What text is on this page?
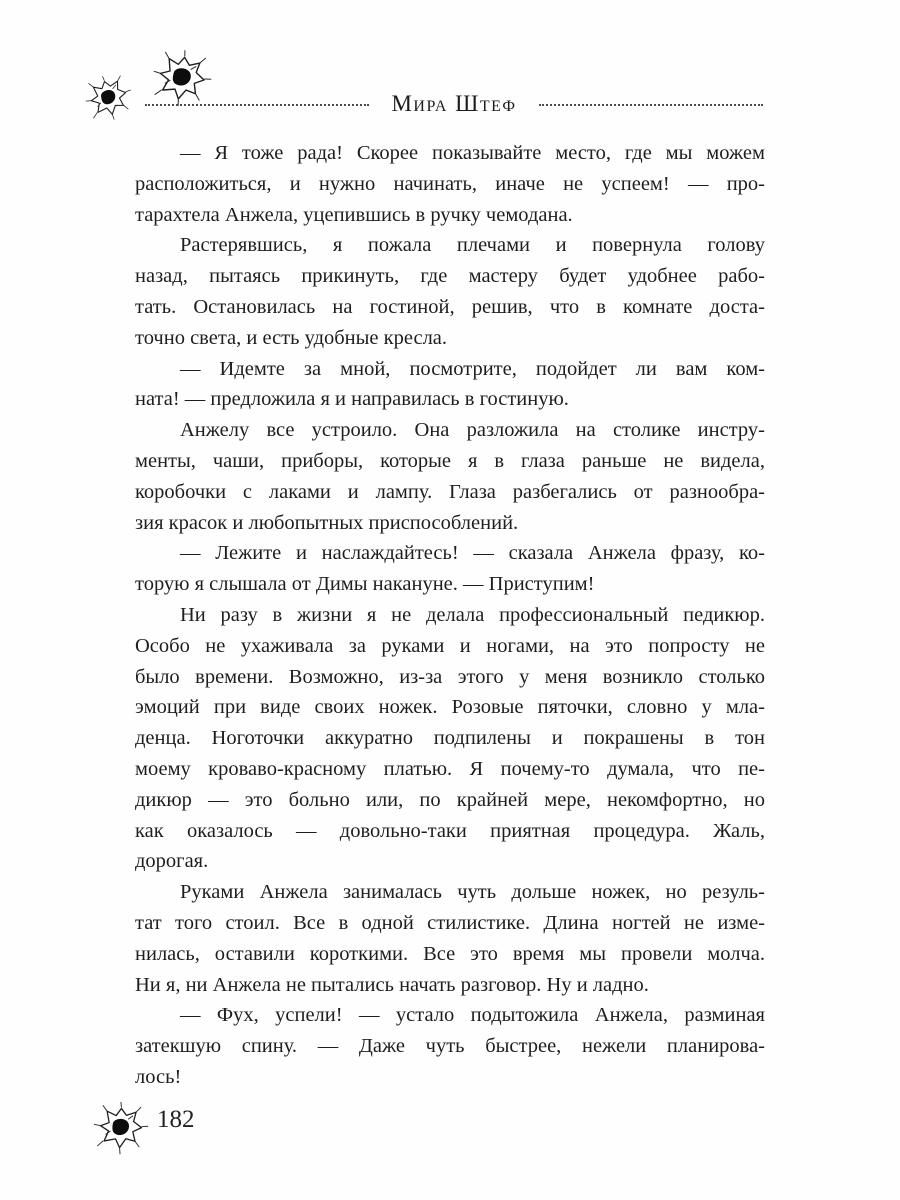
Мира Штеф
— Я тоже рада! Скорее показывайте место, где мы можем
расположиться, и нужно начинать, иначе не успеем! — про-
тарахтела Анжела, уцепившись в ручку чемодана.
Растерявшись, я пожала плечами и повернула голову
назад, пытаясь прикинуть, где мастеру будет удобнее рабо-
тать. Остановилась на гостиной, решив, что в комнате доста-
точно света, и есть удобные кресла.
— Идемте за мной, посмотрите, подойдет ли вам ком-
ната! — предложила я и направилась в гостиную.
Анжелу все устроило. Она разложила на столике инстру-
менты, чаши, приборы, которые я в глаза раньше не видела,
коробочки с лаками и лампу. Глаза разбегались от разнообра-
зия красок и любопытных приспособлений.
— Лежите и наслаждайтесь! — сказала Анжела фразу, ко-
торую я слышала от Димы накануне. — Приступим!
Ни разу в жизни я не делала профессиональный педикюр.
Особо не ухаживала за руками и ногами, на это попросту не
было времени. Возможно, из-за этого у меня возникло столько
эмоций при виде своих ножек. Розовые пяточки, словно у мла-
денца. Ноготочки аккуратно подпилены и покрашены в тон
моему кроваво-красному платью. Я почему-то думала, что пе-
дикюр — это больно или, по крайней мере, некомфортно, но
как оказалось — довольно-таки приятная процедура. Жаль,
дорогая.
Руками Анжела занималась чуть дольше ножек, но резуль-
тат того стоил. Все в одной стилистике. Длина ногтей не изме-
нилась, оставили короткими. Все это время мы провели молча.
Ни я, ни Анжела не пытались начать разговор. Ну и ладно.
— Фух, успели! — устало подытожила Анжела, разминая
затекшую спину. — Даже чуть быстрее, нежели планирова-
лось!
182
